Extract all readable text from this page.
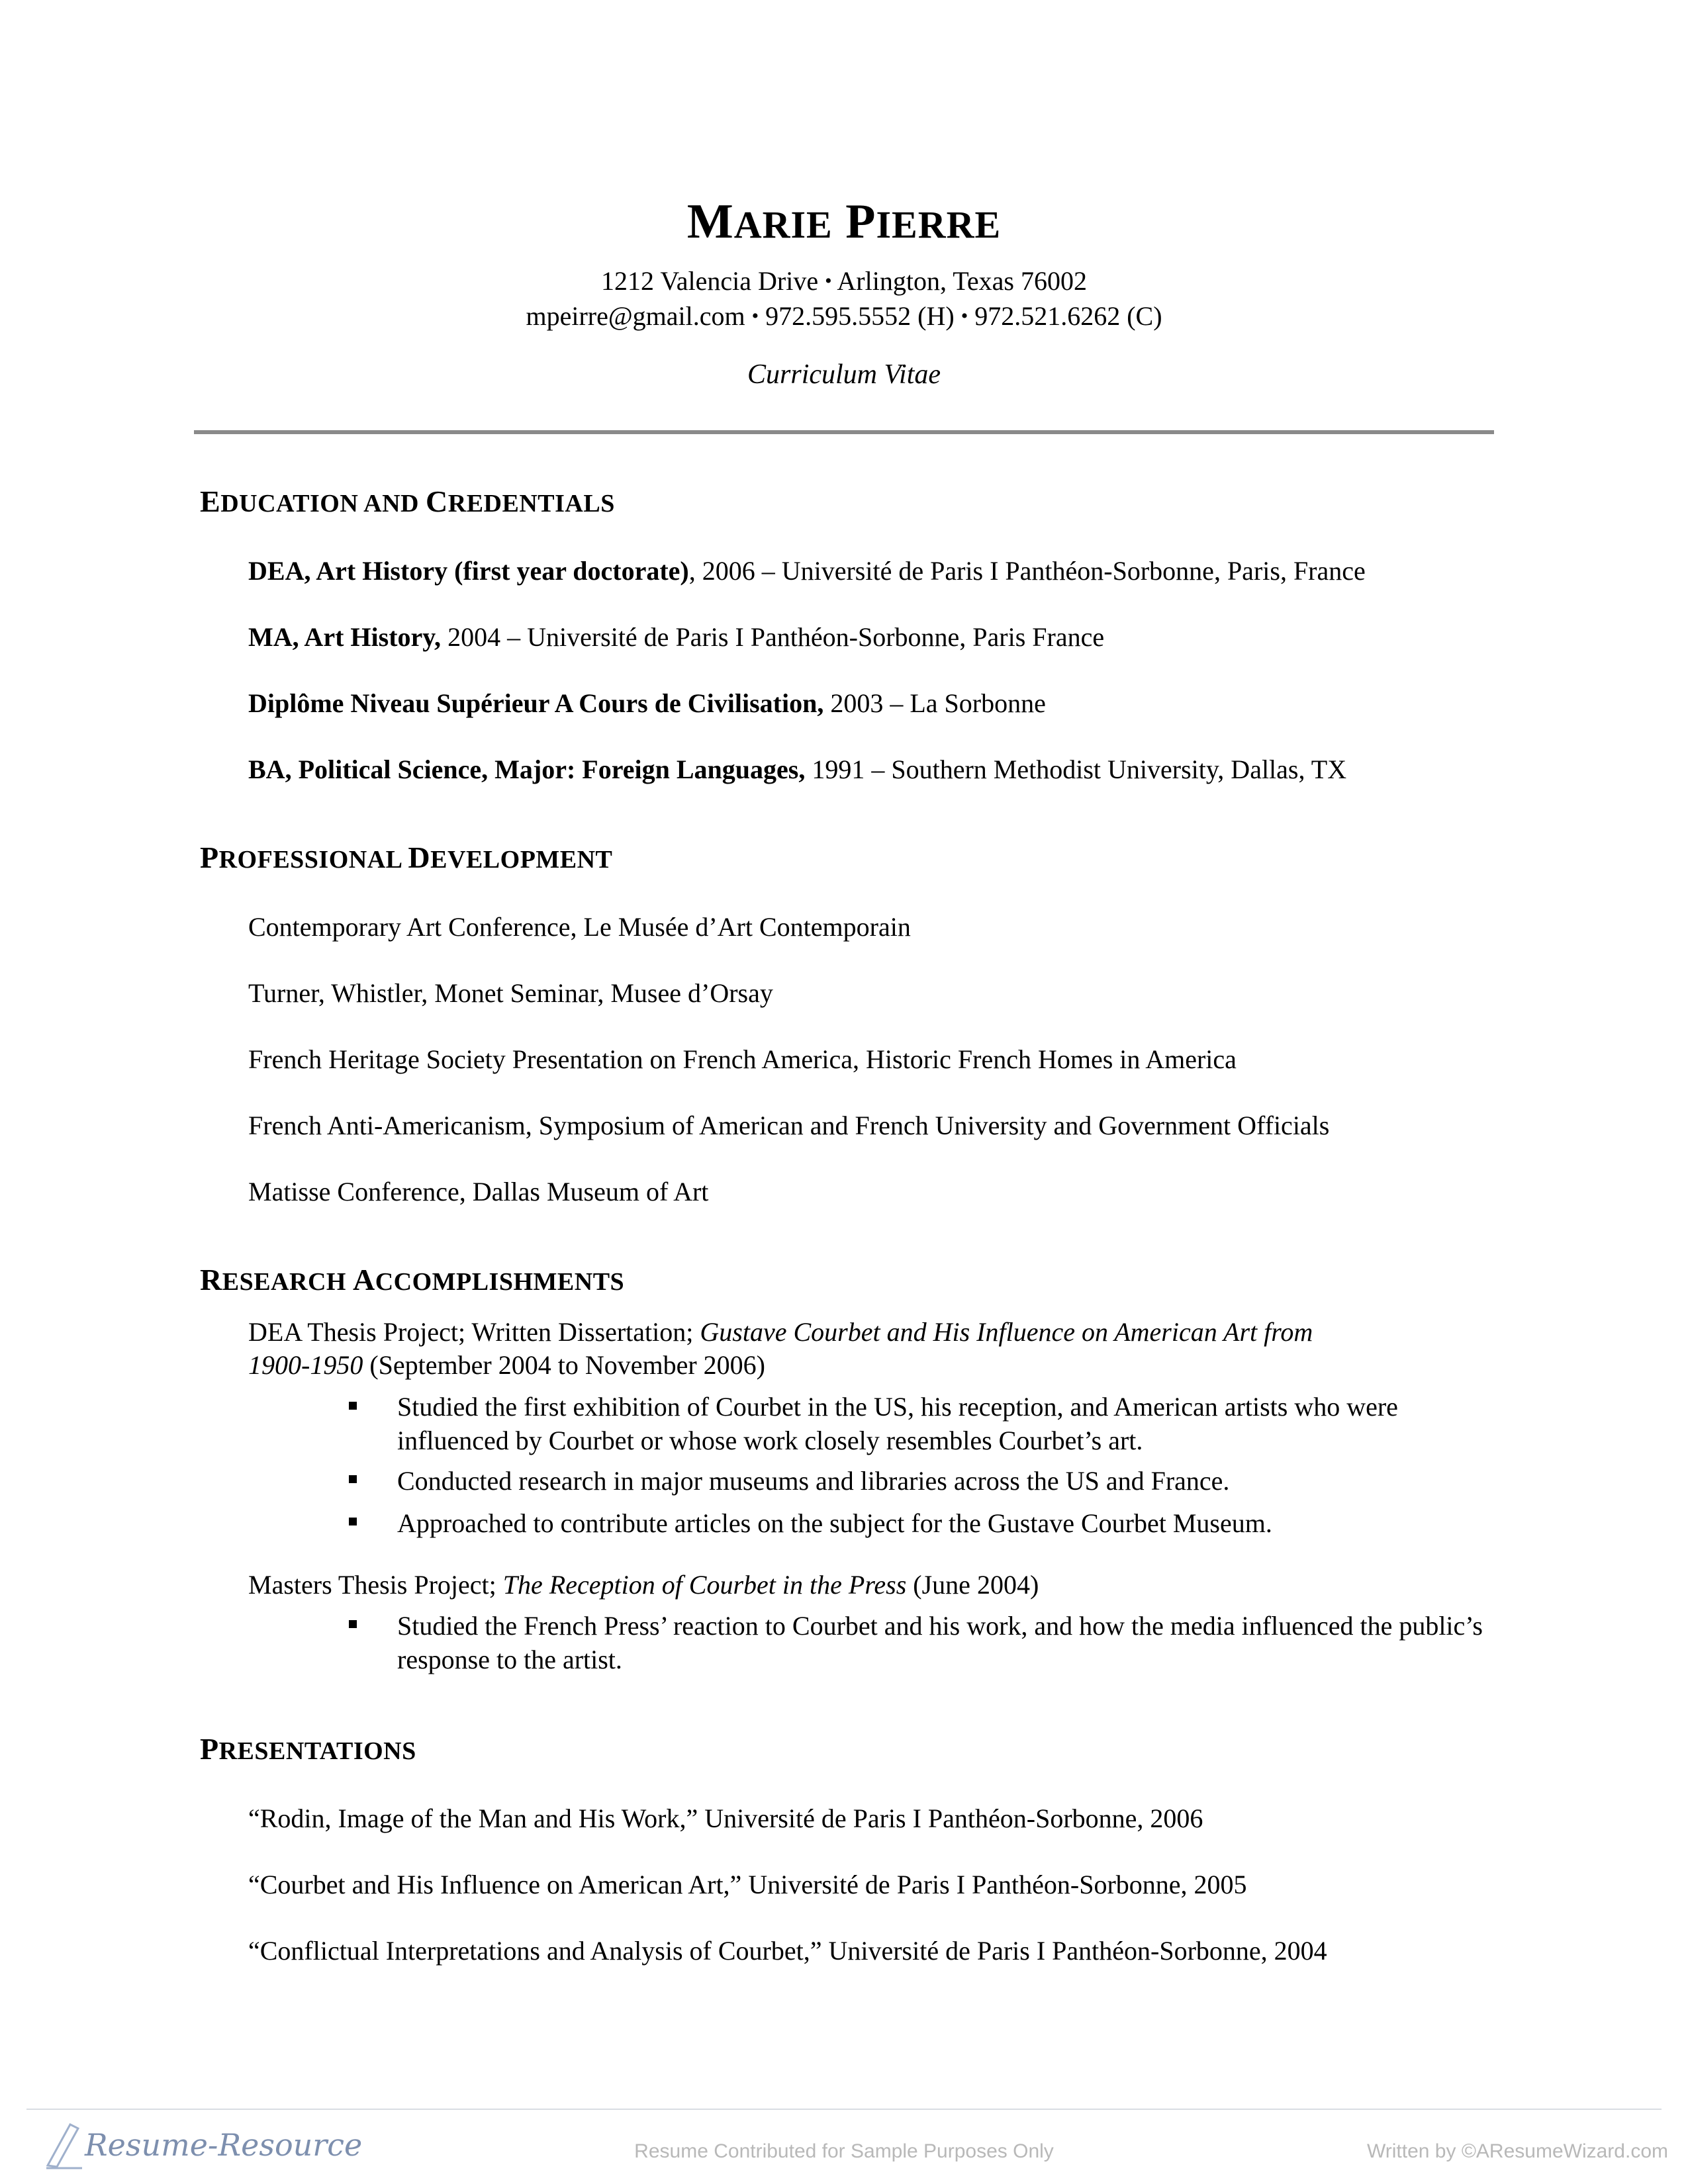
MARIE PIERRE
1212 Valencia Drive • Arlington, Texas 76002
mpeirre@gmail.com • 972.595.5552 (H) • 972.521.6262 (C)
Curriculum Vitae
EDUCATION AND CREDENTIALS
DEA, Art History (first year doctorate), 2006 – Université de Paris I Panthéon-Sorbonne, Paris, France
MA, Art History, 2004 – Université de Paris I Panthéon-Sorbonne, Paris France
Diplôme Niveau Supérieur A Cours de Civilisation, 2003 – La Sorbonne
BA, Political Science, Major: Foreign Languages, 1991 – Southern Methodist University, Dallas, TX
PROFESSIONAL DEVELOPMENT
Contemporary Art Conference, Le Musée d’Art Contemporain
Turner, Whistler, Monet Seminar, Musee d’Orsay
French Heritage Society Presentation on French America, Historic French Homes in America
French Anti-Americanism, Symposium of American and French University and Government Officials
Matisse Conference, Dallas Museum of Art
RESEARCH ACCOMPLISHMENTS
DEA Thesis Project; Written Dissertation; Gustave Courbet and His Influence on American Art from
1900-1950 (September 2004 to November 2006)
Studied the first exhibition of Courbet in the US, his reception, and American artists who were influenced by Courbet or whose work closely resembles Courbet’s art.
Conducted research in major museums and libraries across the US and France.
Approached to contribute articles on the subject for the Gustave Courbet Museum.
Masters Thesis Project; The Reception of Courbet in the Press (June 2004)
Studied the French Press’ reaction to Courbet and his work, and how the media influenced the public’s response to the artist.
PRESENTATIONS
“Rodin, Image of the Man and His Work,” Université de Paris I Panthéon-Sorbonne, 2006
“Courbet and His Influence on American Art,” Université de Paris I Panthéon-Sorbonne, 2005
“Conflictual Interpretations and Analysis of Courbet,” Université de Paris I Panthéon-Sorbonne, 2004
Resume-Resource	Resume Contributed for Sample Purposes Only	Written by ©AResumeWizard.com
